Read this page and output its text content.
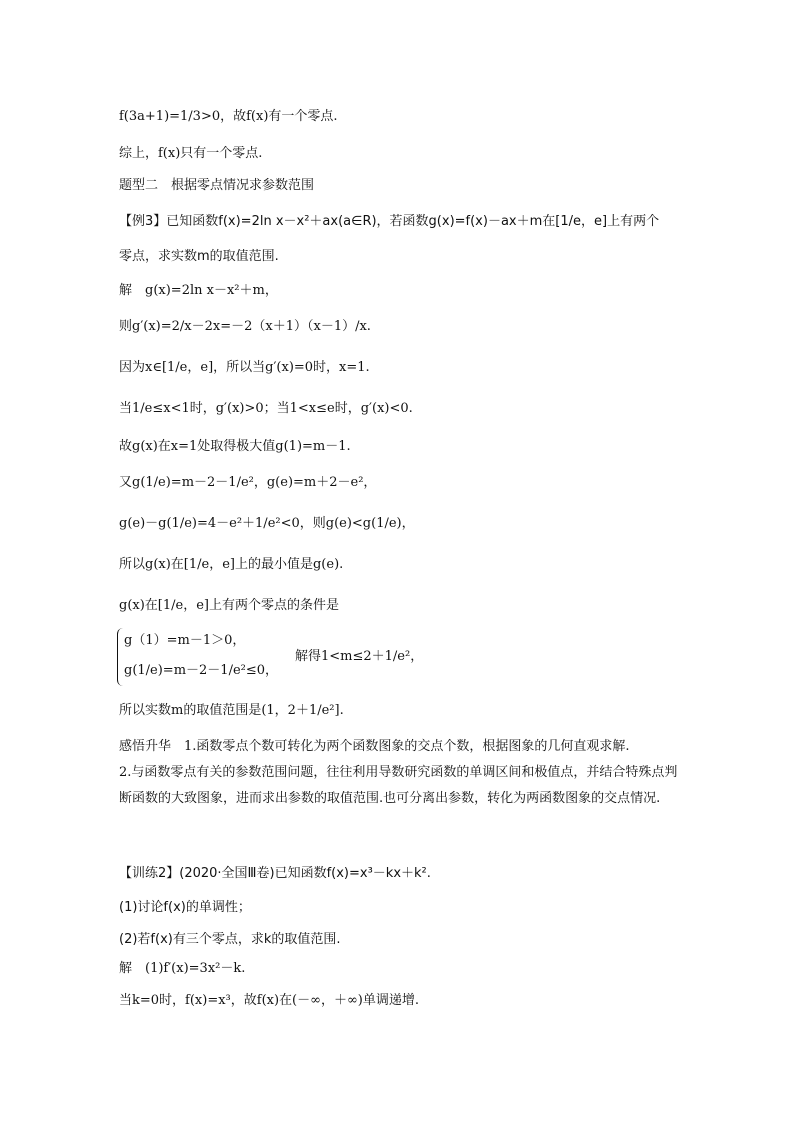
f(3a+1)=1/3>0，故f(x)有一个零点.
综上，f(x)只有一个零点.
题型二　根据零点情况求参数范围
【例3】已知函数f(x)=2ln x－x²＋ax(a∈R)，若函数g(x)=f(x)－ax＋m在[1/e，e]上有两个
零点，求实数m的取值范围.
解　g(x)=2ln x－x²＋m，
则g′(x)=2/x－2x=－2（x＋1）（x－1）/x.
因为x∈[1/e，e]，所以当g′(x)=0时，x=1.
当1/e≤x<1时，g′(x)>0；当1<x≤e时，g′(x)<0.
故g(x)在x=1处取得极大值g(1)=m－1.
又g(1/e)=m－2－1/e²，g(e)=m＋2－e²，
g(e)－g(1/e)=4－e²＋1/e²<0，则g(e)<g(1/e)，
所以g(x)在[1/e，e]上的最小值是g(e).
g(x)在[1/e，e]上有两个零点的条件是
g（1）=m－1＞0，
g(1/e)=m－2－1/e²≤0，
解得1<m≤2＋1/e²，
所以实数m的取值范围是(1，2＋1/e²].

感悟升华　1.函数零点个数可转化为两个函数图象的交点个数，根据图象的几何直观求解.

2.与函数零点有关的参数范围问题，往往利用导数研究函数的单调区间和极值点，并结合特殊点判断函数的大致图象，进而求出参数的取值范围.也可分离出参数，转化为两函数图象的交点情况.

【训练2】(2020·全国Ⅲ卷)已知函数f(x)=x³－kx＋k².
(1)讨论f(x)的单调性；
(2)若f(x)有三个零点，求k的取值范围.
解　(1)f′(x)=3x²－k.
当k=0时，f(x)=x³，故f(x)在(－∞，＋∞)单调递增.
